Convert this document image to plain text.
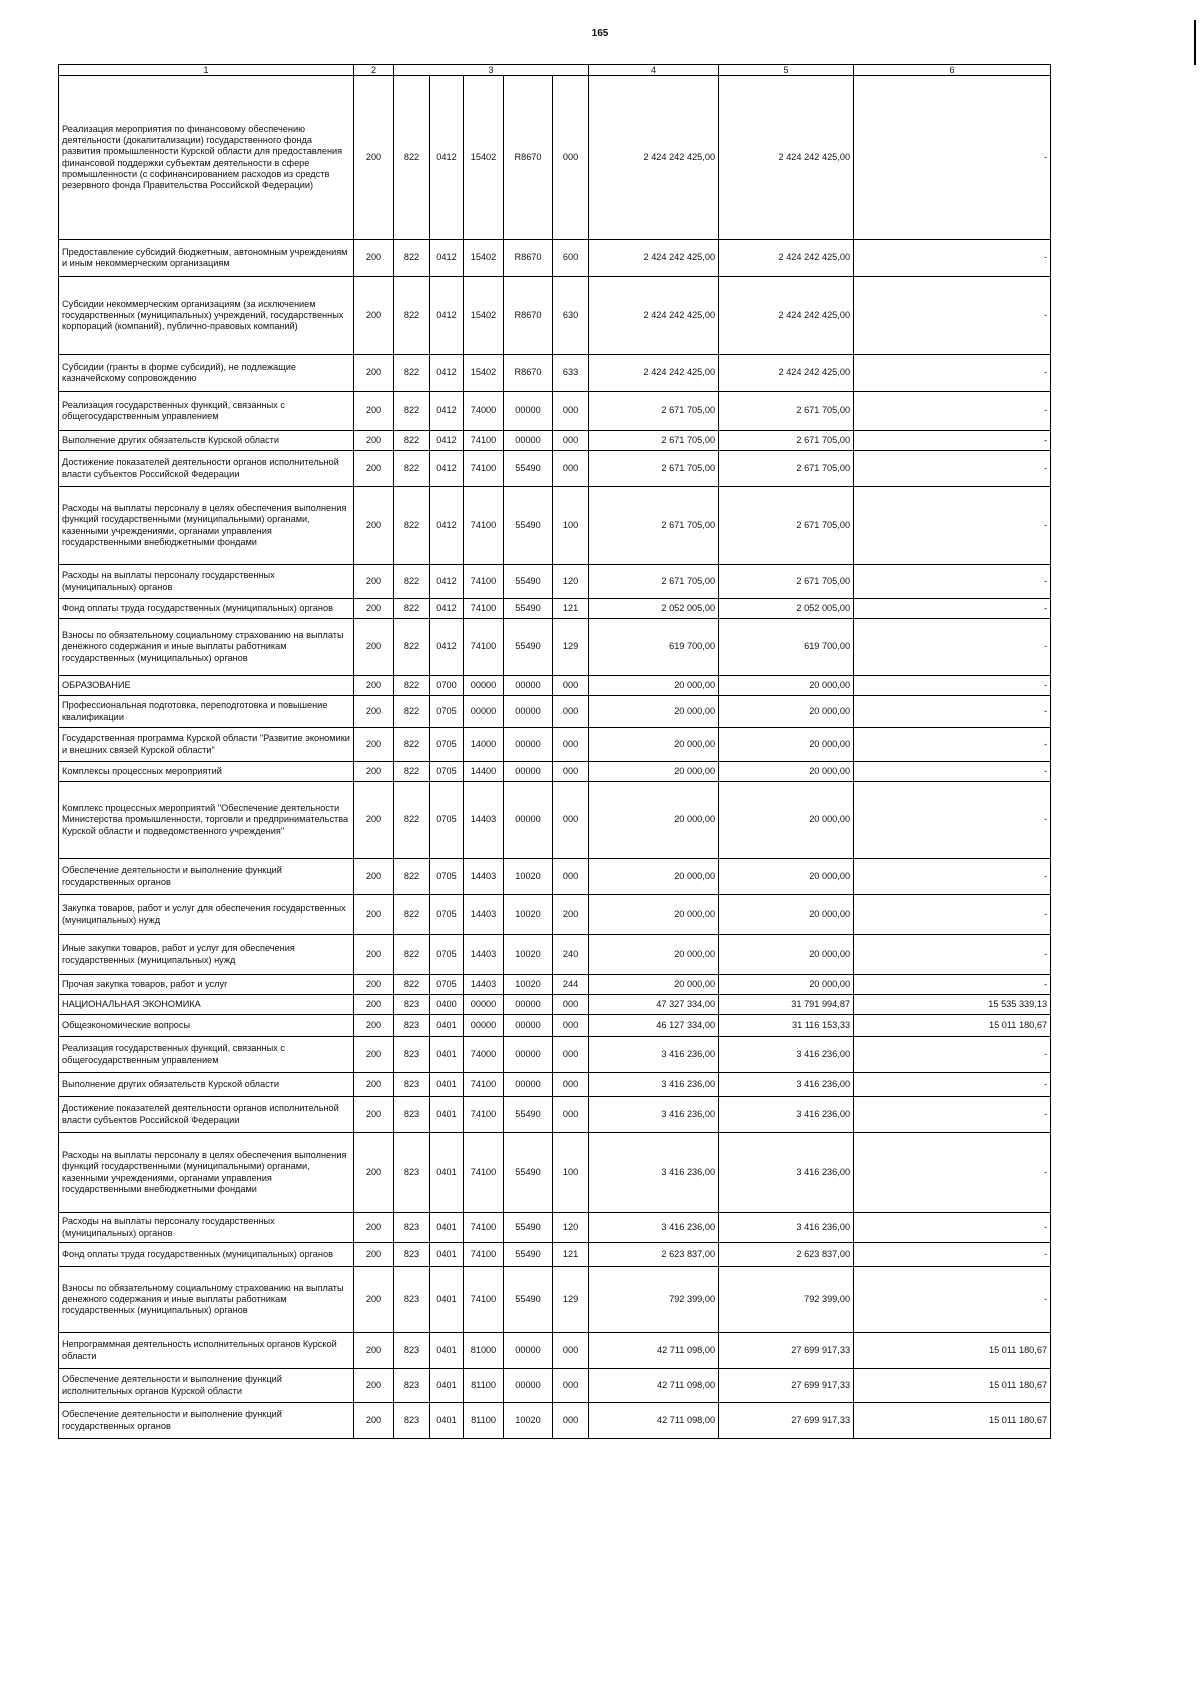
165
1	2	3					4	5	6
Реализация мероприятия по финансовому обеспечению деятельности (докапитализации) государственного фонда развития промышленности Курской области для предоставления финансовой поддержки субъектам деятельности в сфере промышленности (с софинансированием расходов из средств резервного фонда Правительства Российской Федерации)	200	822	0412	15402	R8670	000	2 424 242 425,00	2 424 242 425,00	-
Предоставление субсидий бюджетным, автономным учреждениям и иным некоммерческим организациям	200	822	0412	15402	R8670	600	2 424 242 425,00	2 424 242 425,00	-
Субсидии некоммерческим организациям (за исключением государственных (муниципальных) учреждений, государственных корпораций (компаний), публично-правовых компаний)	200	822	0412	15402	R8670	630	2 424 242 425,00	2 424 242 425,00	-
Субсидии (гранты в форме субсидий), не подлежащие казначейскому сопровождению	200	822	0412	15402	R8670	633	2 424 242 425,00	2 424 242 425,00	-
Реализация государственных функций, связанных с общегосударственным управлением	200	822	0412	74000	00000	000	2 671 705,00	2 671 705,00	-
Выполнение других обязательств Курской области	200	822	0412	74100	00000	000	2 671 705,00	2 671 705,00	-
Достижение показателей деятельности органов исполнительной власти субъектов Российской Федерации	200	822	0412	74100	55490	000	2 671 705,00	2 671 705,00	-
Расходы на выплаты персоналу в целях обеспечения выполнения функций государственными (муниципальными) органами, казенными учреждениями, органами управления государственными внебюджетными фондами	200	822	0412	74100	55490	100	2 671 705,00	2 671 705,00	-
Расходы на выплаты персоналу государственных (муниципальных) органов	200	822	0412	74100	55490	120	2 671 705,00	2 671 705,00	-
Фонд оплаты труда государственных (муниципальных) органов	200	822	0412	74100	55490	121	2 052 005,00	2 052 005,00	-
Взносы по обязательному социальному страхованию на выплаты денежного содержания и иные выплаты работникам государственных (муниципальных) органов	200	822	0412	74100	55490	129	619 700,00	619 700,00	-
ОБРАЗОВАНИЕ	200	822	0700	00000	00000	000	20 000,00	20 000,00	-
Профессиональная подготовка, переподготовка и повышение квалификации	200	822	0705	00000	00000	000	20 000,00	20 000,00	-
Государственная программа Курской области "Развитие экономики и внешних связей Курской области"	200	822	0705	14000	00000	000	20 000,00	20 000,00	-
Комплексы процессных мероприятий	200	822	0705	14400	00000	000	20 000,00	20 000,00	-
Комплекс процессных мероприятий "Обеспечение деятельности Министерства промышленности, торговли и предпринимательства Курской области и подведомственного учреждения"	200	822	0705	14403	00000	000	20 000,00	20 000,00	-
Обеспечение деятельности и выполнение функций государственных органов	200	822	0705	14403	10020	000	20 000,00	20 000,00	-
Закупка товаров, работ и услуг для обеспечения государственных (муниципальных) нужд	200	822	0705	14403	10020	200	20 000,00	20 000,00	-
Иные закупки товаров, работ и услуг для обеспечения государственных (муниципальных) нужд	200	822	0705	14403	10020	240	20 000,00	20 000,00	-
Прочая закупка товаров, работ и услуг	200	822	0705	14403	10020	244	20 000,00	20 000,00	-
НАЦИОНАЛЬНАЯ ЭКОНОМИКА	200	823	0400	00000	00000	000	47 327 334,00	31 791 994,87	15 535 339,13
Общеэкономические вопросы	200	823	0401	00000	00000	000	46 127 334,00	31 116 153,33	15 011 180,67
Реализация государственных функций, связанных с общегосударственным управлением	200	823	0401	74000	00000	000	3 416 236,00	3 416 236,00	-
Выполнение других обязательств Курской области	200	823	0401	74100	00000	000	3 416 236,00	3 416 236,00	-
Достижение показателей деятельности органов исполнительной власти субъектов Российской Федерации	200	823	0401	74100	55490	000	3 416 236,00	3 416 236,00	-
Расходы на выплаты персоналу в целях обеспечения выполнения функций государственными (муниципальными) органами, казенными учреждениями, органами управления государственными внебюджетными фондами	200	823	0401	74100	55490	100	3 416 236,00	3 416 236,00	-
Расходы на выплаты персоналу государственных (муниципальных) органов	200	823	0401	74100	55490	120	3 416 236,00	3 416 236,00	-
Фонд оплаты труда государственных (муниципальных) органов	200	823	0401	74100	55490	121	2 623 837,00	2 623 837,00	-
Взносы по обязательному социальному страхованию на выплаты денежного содержания и иные выплаты работникам государственных (муниципальных) органов	200	823	0401	74100	55490	129	792 399,00	792 399,00	-
Непрограммная деятельность исполнительных органов Курской области	200	823	0401	81000	00000	000	42 711 098,00	27 699 917,33	15 011 180,67
Обеспечение деятельности и выполнение функций исполнительных органов Курской области	200	823	0401	81100	00000	000	42 711 098,00	27 699 917,33	15 011 180,67
Обеспечение деятельности и выполнение функций государственных органов	200	823	0401	81100	10020	000	42 711 098,00	27 699 917,33	15 011 180,67
